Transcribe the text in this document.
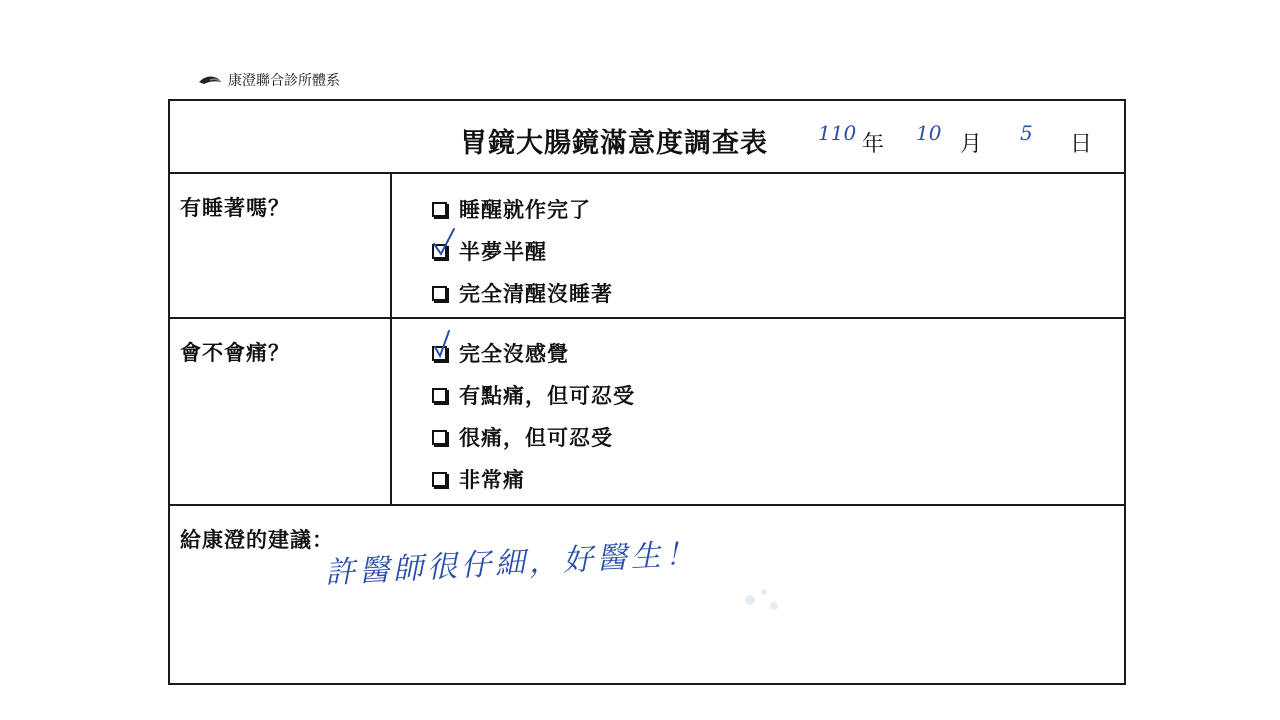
康澄聯合診所體系
胃鏡大腸鏡滿意度調查表	110 年 10 月 5 日
有睡著嗎？	睡醒就作完了
半夢半醒
完全清醒沒睡著
會不會痛？	完全沒感覺
有點痛，但可忍受
很痛，但可忍受
非常痛
給康澄的建議：
許醫師很仔細，好醫生！
